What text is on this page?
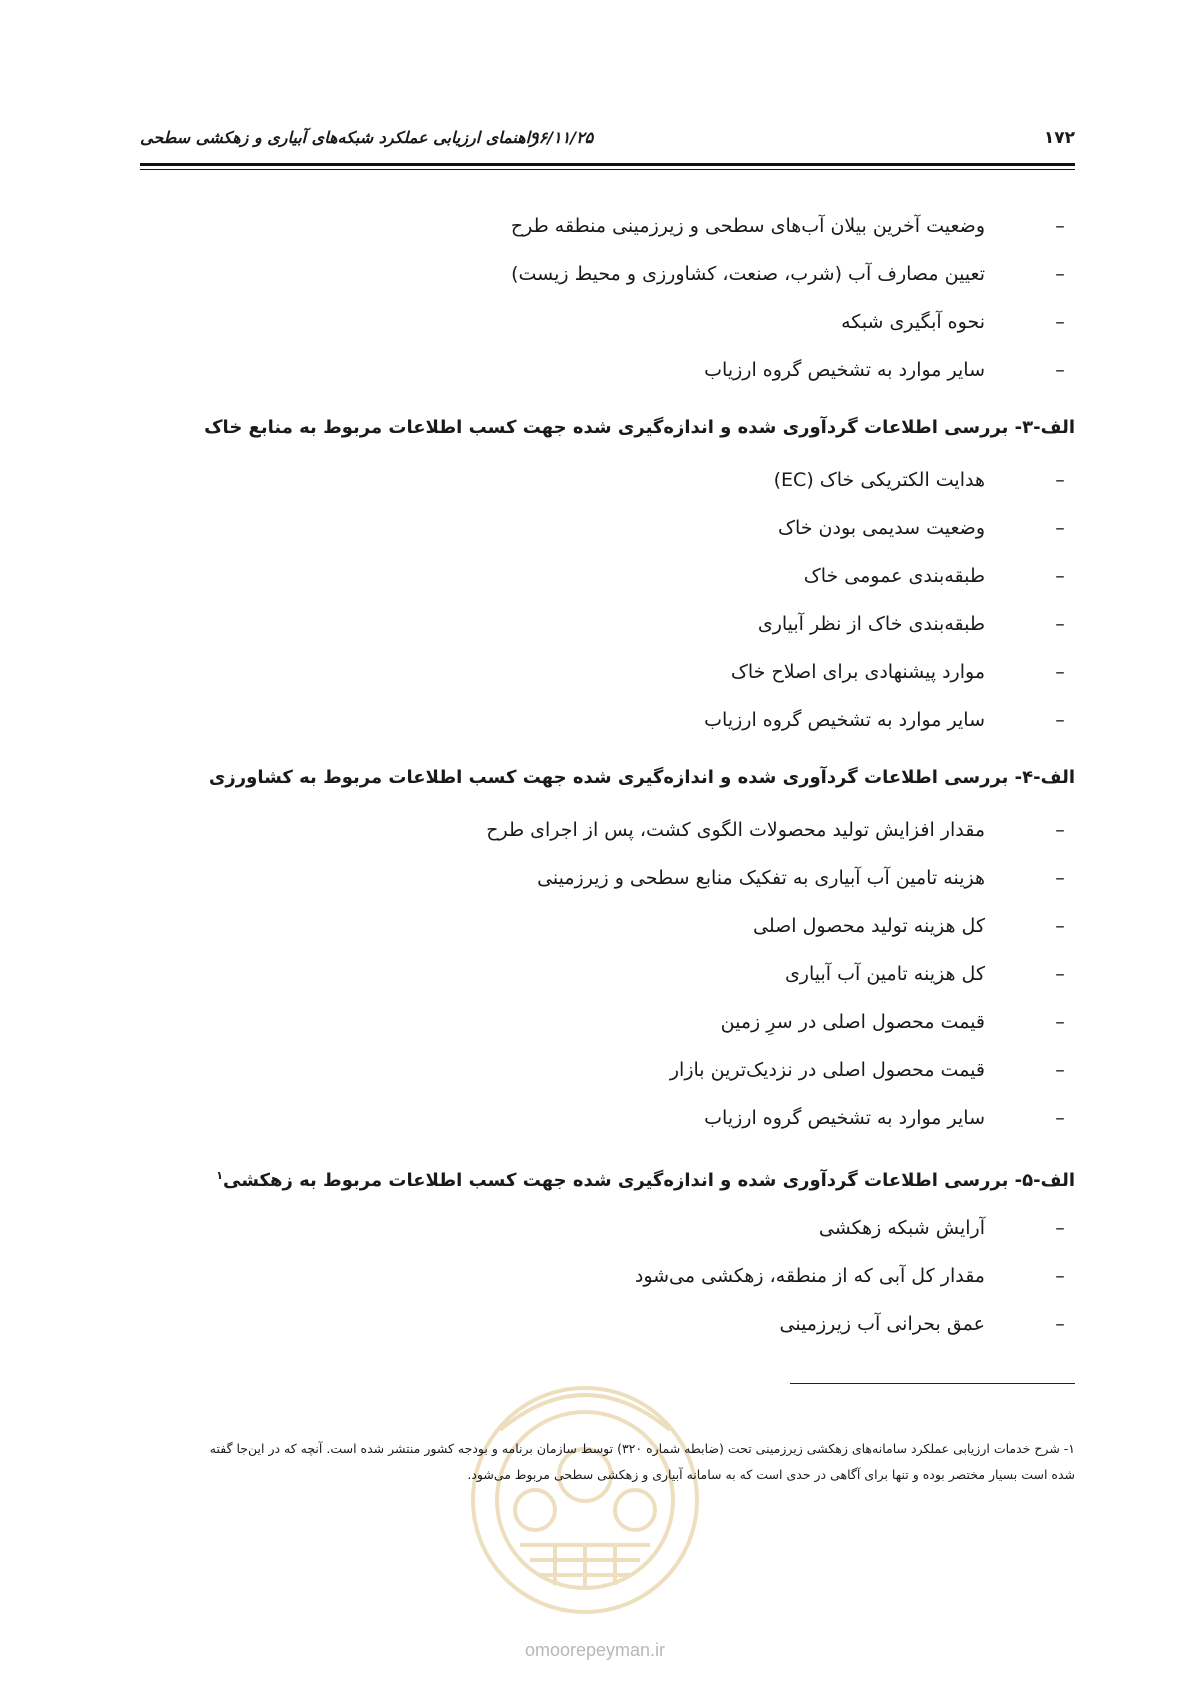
۱۷۲
۹۶/۱۱/۲۵
راهنمای ارزیابی عملکرد شبکه‌های آبیاری و زهکشی سطحی
–
وضعیت آخرین بیلان آب‌های سطحی و زیرزمینی منطقه طرح
–
تعیین مصارف آب (شرب، صنعت، کشاورزی و محیط زیست)
–
نحوه آبگیری شبکه
–
سایر موارد به تشخیص گروه ارزیاب
الف-۳- بررسی اطلاعات گردآوری شده و اندازه‌گیری شده جهت کسب اطلاعات مربوط به منابع خاک
–
هدایت الکتریکی خاک (EC)
–
وضعیت سدیمی بودن خاک
–
طبقه‌بندی عمومی خاک
–
طبقه‌بندی خاک از نظر آبیاری
–
موارد پیشنهادی برای اصلاح خاک
–
سایر موارد به تشخیص گروه ارزیاب
الف-۴- بررسی اطلاعات گردآوری شده و اندازه‌گیری شده جهت کسب اطلاعات مربوط به کشاورزی
–
مقدار افزایش تولید محصولات الگوی کشت، پس از اجرای طرح
–
هزینه تامین آب آبیاری به تفکیک منابع سطحی و زیرزمینی
–
کل هزینه تولید محصول اصلی
–
کل هزینه تامین آب آبیاری
–
قیمت محصول اصلی در سرِ زمین
–
قیمت محصول اصلی در نزدیک‌ترین بازار
–
سایر موارد به تشخیص گروه ارزیاب
الف-۵- بررسی اطلاعات گردآوری شده و اندازه‌گیری شده جهت کسب اطلاعات مربوط به زهکشی$^۱$
–
آرایش شبکه زهکشی
–
مقدار کل آبی که از منطقه، زهکشی می‌شود
–
عمق بحرانی آب زیرزمینی
۱- شرح خدمات ارزیابی عملکرد سامانه‌های زهکشی زیرزمینی تحت (ضابطه شماره ۳۲۰) توسط سازمان برنامه و بودجه کشور منتشر شده است. آنچه که در این‌جا گفته
شده است بسیار مختصر بوده و تنها برای آگاهی در حدی است که به سامانه آبیاری و زهکشی سطحی مربوط می‌شود.
omoorepeyman.ir
